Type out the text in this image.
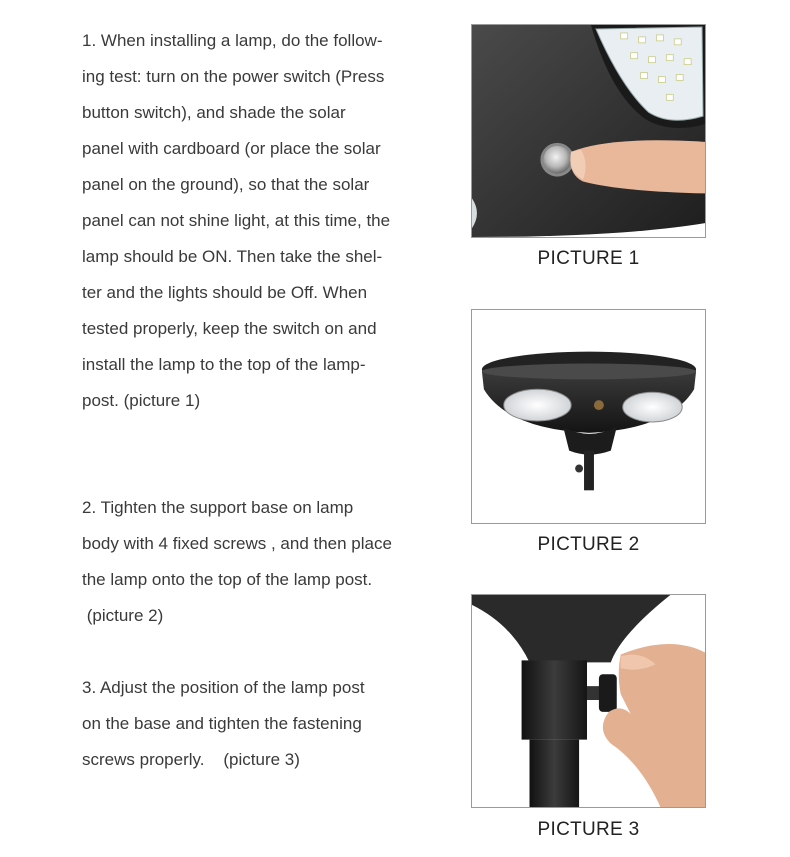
1. When installing a lamp, do the follow-
ing test: turn on the power switch (Press
button switch), and shade the solar
panel with cardboard (or place the solar
panel on the ground), so that the solar
panel can not shine light, at this time, the
lamp should be ON. Then take the shel-
ter and the lights should be Off. When
tested properly, keep the switch on and
install the lamp to the top of the lamp-
post. (picture 1)
2. Tighten the support base on lamp
body with 4 fixed screws , and then place
the lamp onto the top of the lamp post.
(picture 2)
3. Adjust the position of the lamp post
on the base and tighten the fastening
screws properly.    (picture 3)
PICTURE 1
PICTURE 2
PICTURE 3
